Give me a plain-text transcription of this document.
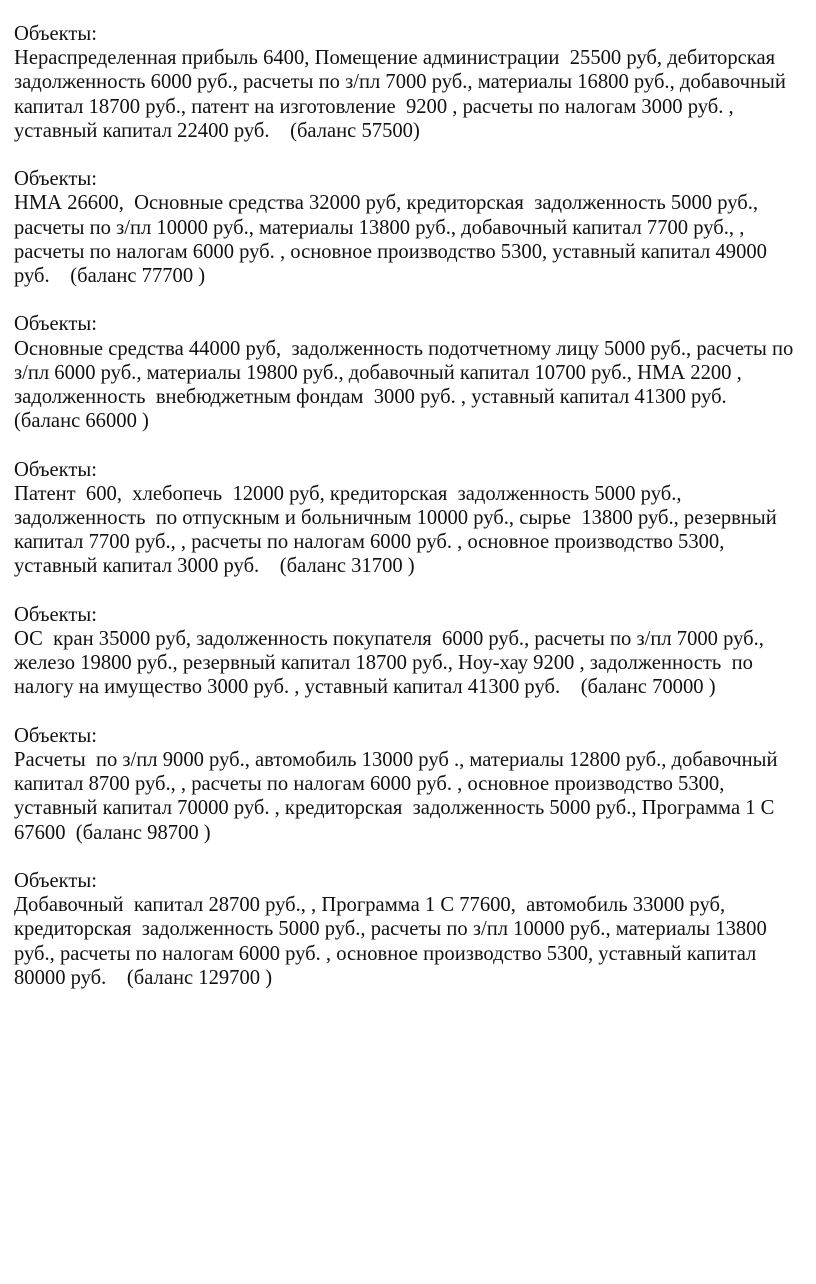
Объекты:
Нераспределенная прибыль 6400, Помещение администрации  25500 руб, дебиторская
задолженность 6000 руб., расчеты по з/пл 7000 руб., материалы 16800 руб., добавочный
капитал 18700 руб., патент на изготовление  9200 , расчеты по налогам 3000 руб. ,
уставный капитал 22400 руб.    (баланс 57500)
Объекты:
НМА 26600,  Основные средства 32000 руб, кредиторская  задолженность 5000 руб.,
расчеты по з/пл 10000 руб., материалы 13800 руб., добавочный капитал 7700 руб., ,
расчеты по налогам 6000 руб. , основное производство 5300, уставный капитал 49000
руб.    (баланс 77700 )
Объекты:
Основные средства 44000 руб,  задолженность подотчетному лицу 5000 руб., расчеты по
з/пл 6000 руб., материалы 19800 руб., добавочный капитал 10700 руб., НМА 2200 ,
задолженность  внебюджетным фондам  3000 руб. , уставный капитал 41300 руб.
(баланс 66000 )
Объекты:
Патент  600,  хлебопечь  12000 руб, кредиторская  задолженность 5000 руб.,
задолженность  по отпускным и больничным 10000 руб., сырье  13800 руб., резервный
капитал 7700 руб., , расчеты по налогам 6000 руб. , основное производство 5300,
уставный капитал 3000 руб.    (баланс 31700 )
Объекты:
ОС  кран 35000 руб, задолженность покупателя  6000 руб., расчеты по з/пл 7000 руб.,
железо 19800 руб., резервный капитал 18700 руб., Ноу-хау 9200 , задолженность  по
налогу на имущество 3000 руб. , уставный капитал 41300 руб.    (баланс 70000 )
Объекты:
Расчеты  по з/пл 9000 руб., автомобиль 13000 руб ., материалы 12800 руб., добавочный
капитал 8700 руб., , расчеты по налогам 6000 руб. , основное производство 5300,
уставный капитал 70000 руб. , кредиторская  задолженность 5000 руб., Программа 1 С
67600  (баланс 98700 )
Объекты:
Добавочный  капитал 28700 руб., , Программа 1 С 77600,  автомобиль 33000 руб,
кредиторская  задолженность 5000 руб., расчеты по з/пл 10000 руб., материалы 13800
руб., расчеты по налогам 6000 руб. , основное производство 5300, уставный капитал
80000 руб.    (баланс 129700 )
